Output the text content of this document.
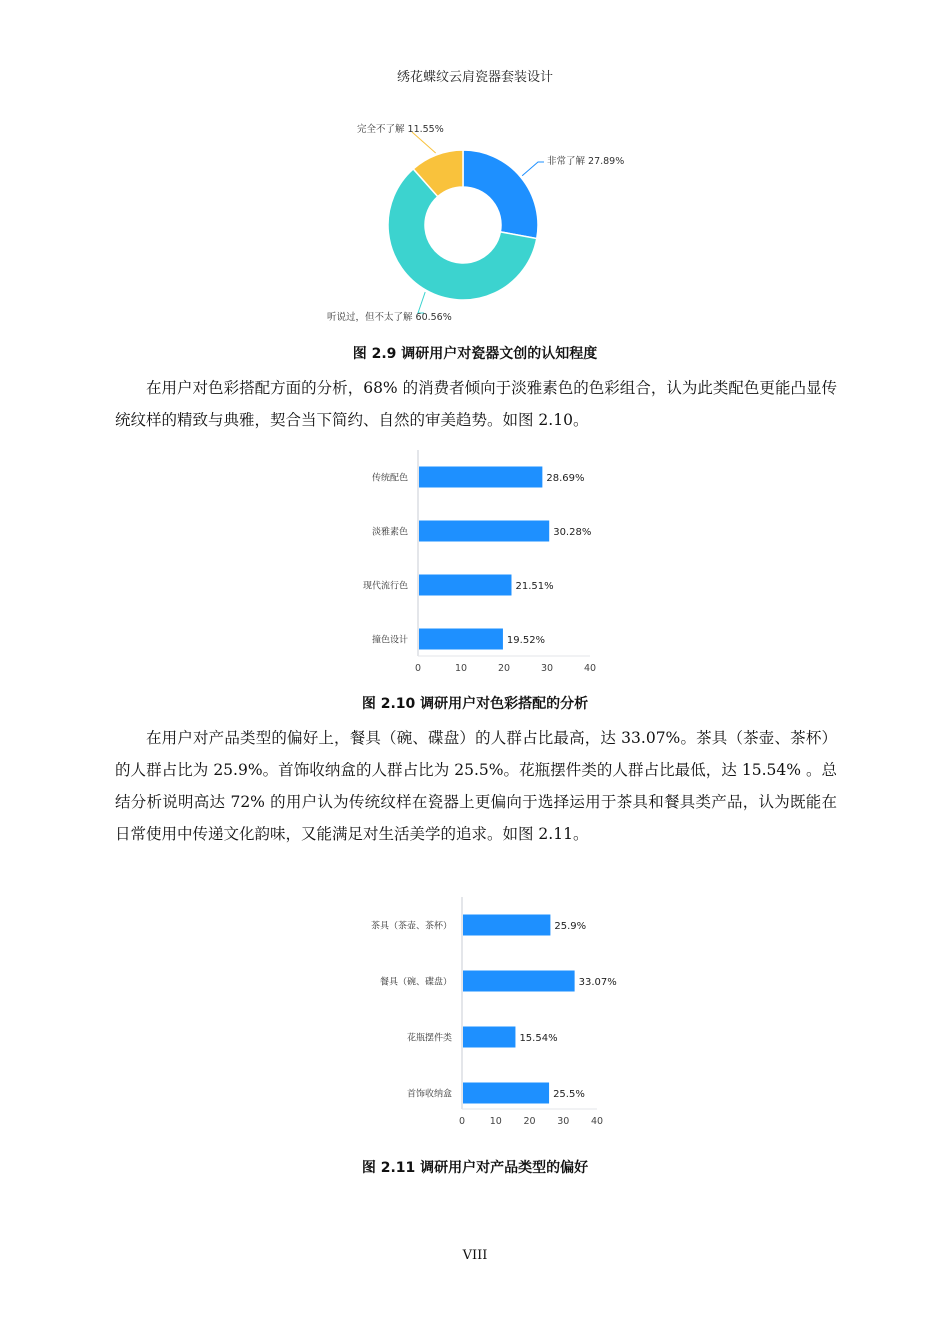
绣花蝶纹云肩瓷器套装设计
非常了解 27.89%
听说过，但不太了解 60.56%
完全不了解 11.55%
图 2.9 调研用户对瓷器文创的认知程度

在用户对色彩搭配方面的分析，68% 的消费者倾向于淡雅素色的色彩组合，认为此类配色更能凸显传统纹样的精致与典雅，契合当下简约、自然的审美趋势。如图 2.10。

传统配色	28.69%
淡雅素色	30.28%
现代流行色	21.51%
撞色设计	19.52%
0	10	20	30	40
图 2.10 调研用户对色彩搭配的分析

在用户对产品类型的偏好上，餐具（碗、碟盘）的人群占比最高，达 33.07%。茶具（茶壶、茶杯）的人群占比为 25.9%。首饰收纳盒的人群占比为 25.5%。花瓶摆件类的人群占比最低，达 15.54% 。总结分析说明高达 72% 的用户认为传统纹样在瓷器上更偏向于选择运用于茶具和餐具类产品，认为既能在日常使用中传递文化韵味，又能满足对生活美学的追求。如图 2.11。

茶具（茶壶、茶杯）	25.9%
餐具（碗、碟盘）	33.07%
花瓶摆件类	15.54%
首饰收纳盒	25.5%
0	10 20 30 40
图 2.11 调研用户对产品类型的偏好
VIII
